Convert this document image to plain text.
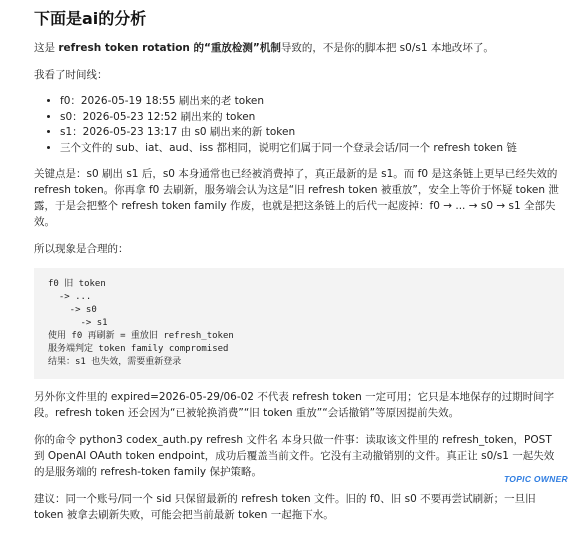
下面是ai的分析

这是 refresh token rotation 的“重放检测”机制导致的，不是你的脚本把 s0/s1 本地改坏了。

我看了时间线：

• f0：2026-05-19 18:55 刷出来的老 token
• s0：2026-05-23 12:52 刷出来的 token
• s1：2026-05-23 13:17 由 s0 刷出来的新 token
• 三个文件的 sub、iat、aud、iss 都相同，说明它们属于同一个登录会话/同一个 refresh token 链

关键点是：s0 刷出 s1 后，s0 本身通常也已经被消费掉了，真正最新的是 s1。而 f0 是这条链上更早已经失效的 refresh token。你再拿 f0 去刷新，服务端会认为这是“旧 refresh token 被重放”，安全上等价于怀疑 token 泄露，于是会把整个 refresh token family 作废，也就是把这条链上的后代一起废掉：f0 → ... → s0 → s1 全部失效。

所以现象是合理的：

f0 旧 token
-> ...
-> s0
-> s1
使用 f0 再刷新 = 重放旧 refresh_token
服务端判定 token family compromised
结果：s1 也失效，需要重新登录

另外你文件里的 expired=2026-05-29/06-02 不代表 refresh token 一定可用；它只是本地保存的过期时间字段。refresh token 还会因为“已被轮换消费”“旧 token 重放”“会话撤销”等原因提前失效。

你的命令 python3 codex_auth.py refresh 文件名 本身只做一件事：读取该文件里的 refresh_token，POST 到 OpenAI OAuth token endpoint，成功后覆盖当前文件。它没有主动撤销别的文件。真正让 s0/s1 一起失效的是服务端的 refresh-token family 保护策略。

建议：同一个账号/同一个 sid 只保留最新的 refresh token 文件。旧的 f0、旧 s0 不要再尝试刷新；一旦旧 token 被拿去刷新失败，可能会把当前最新 token 一起拖下水。

TOPIC OWNER
